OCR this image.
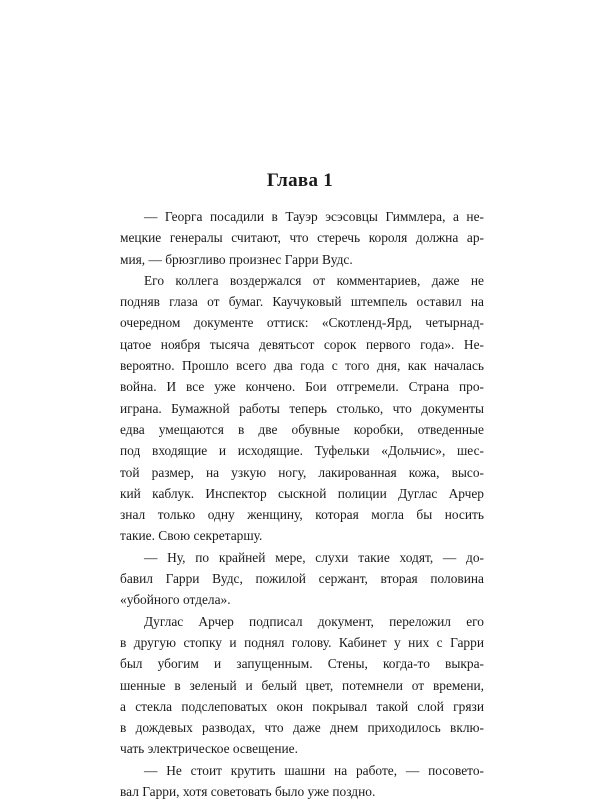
Глава 1
— Георга посадили в Тауэр эсэсовцы Гиммлера, а не-
мецкие генералы считают, что стеречь короля должна ар-
мия, — брюзгливо произнес Гарри Вудс.
Его коллега воздержался от комментариев, даже не
подняв глаза от бумаг. Каучуковый штемпель оставил на
очередном документе оттиск: «Скотленд-Ярд, четырнад-
цатое ноября тысяча девятьсот сорок первого года». Не-
вероятно. Прошло всего два года с того дня, как началась
война. И все уже кончено. Бои отгремели. Страна про-
играна. Бумажной работы теперь столько, что документы
едва умещаются в две обувные коробки, отведенные
под входящие и исходящие. Туфельки «Дольчис», шес-
той размер, на узкую ногу, лакированная кожа, высо-
кий каблук. Инспектор сыскной полиции Дуглас Арчер
знал только одну женщину, которая могла бы носить
такие. Свою секретаршу.
— Ну, по крайней мере, слухи такие ходят, — до-
бавил Гарри Вудс, пожилой сержант, вторая половина
«убойного отдела».
Дуглас Арчер подписал документ, переложил его
в другую стопку и поднял голову. Кабинет у них с Гарри
был убогим и запущенным. Стены, когда-то выкра-
шенные в зеленый и белый цвет, потемнели от времени,
а стекла подслеповатых окон покрывал такой слой грязи
в дождевых разводах, что даже днем приходилось вклю-
чать электрическое освещение.
— Не стоит крутить шашни на работе, — посовето-
вал Гарри, хотя советовать было уже поздно.
